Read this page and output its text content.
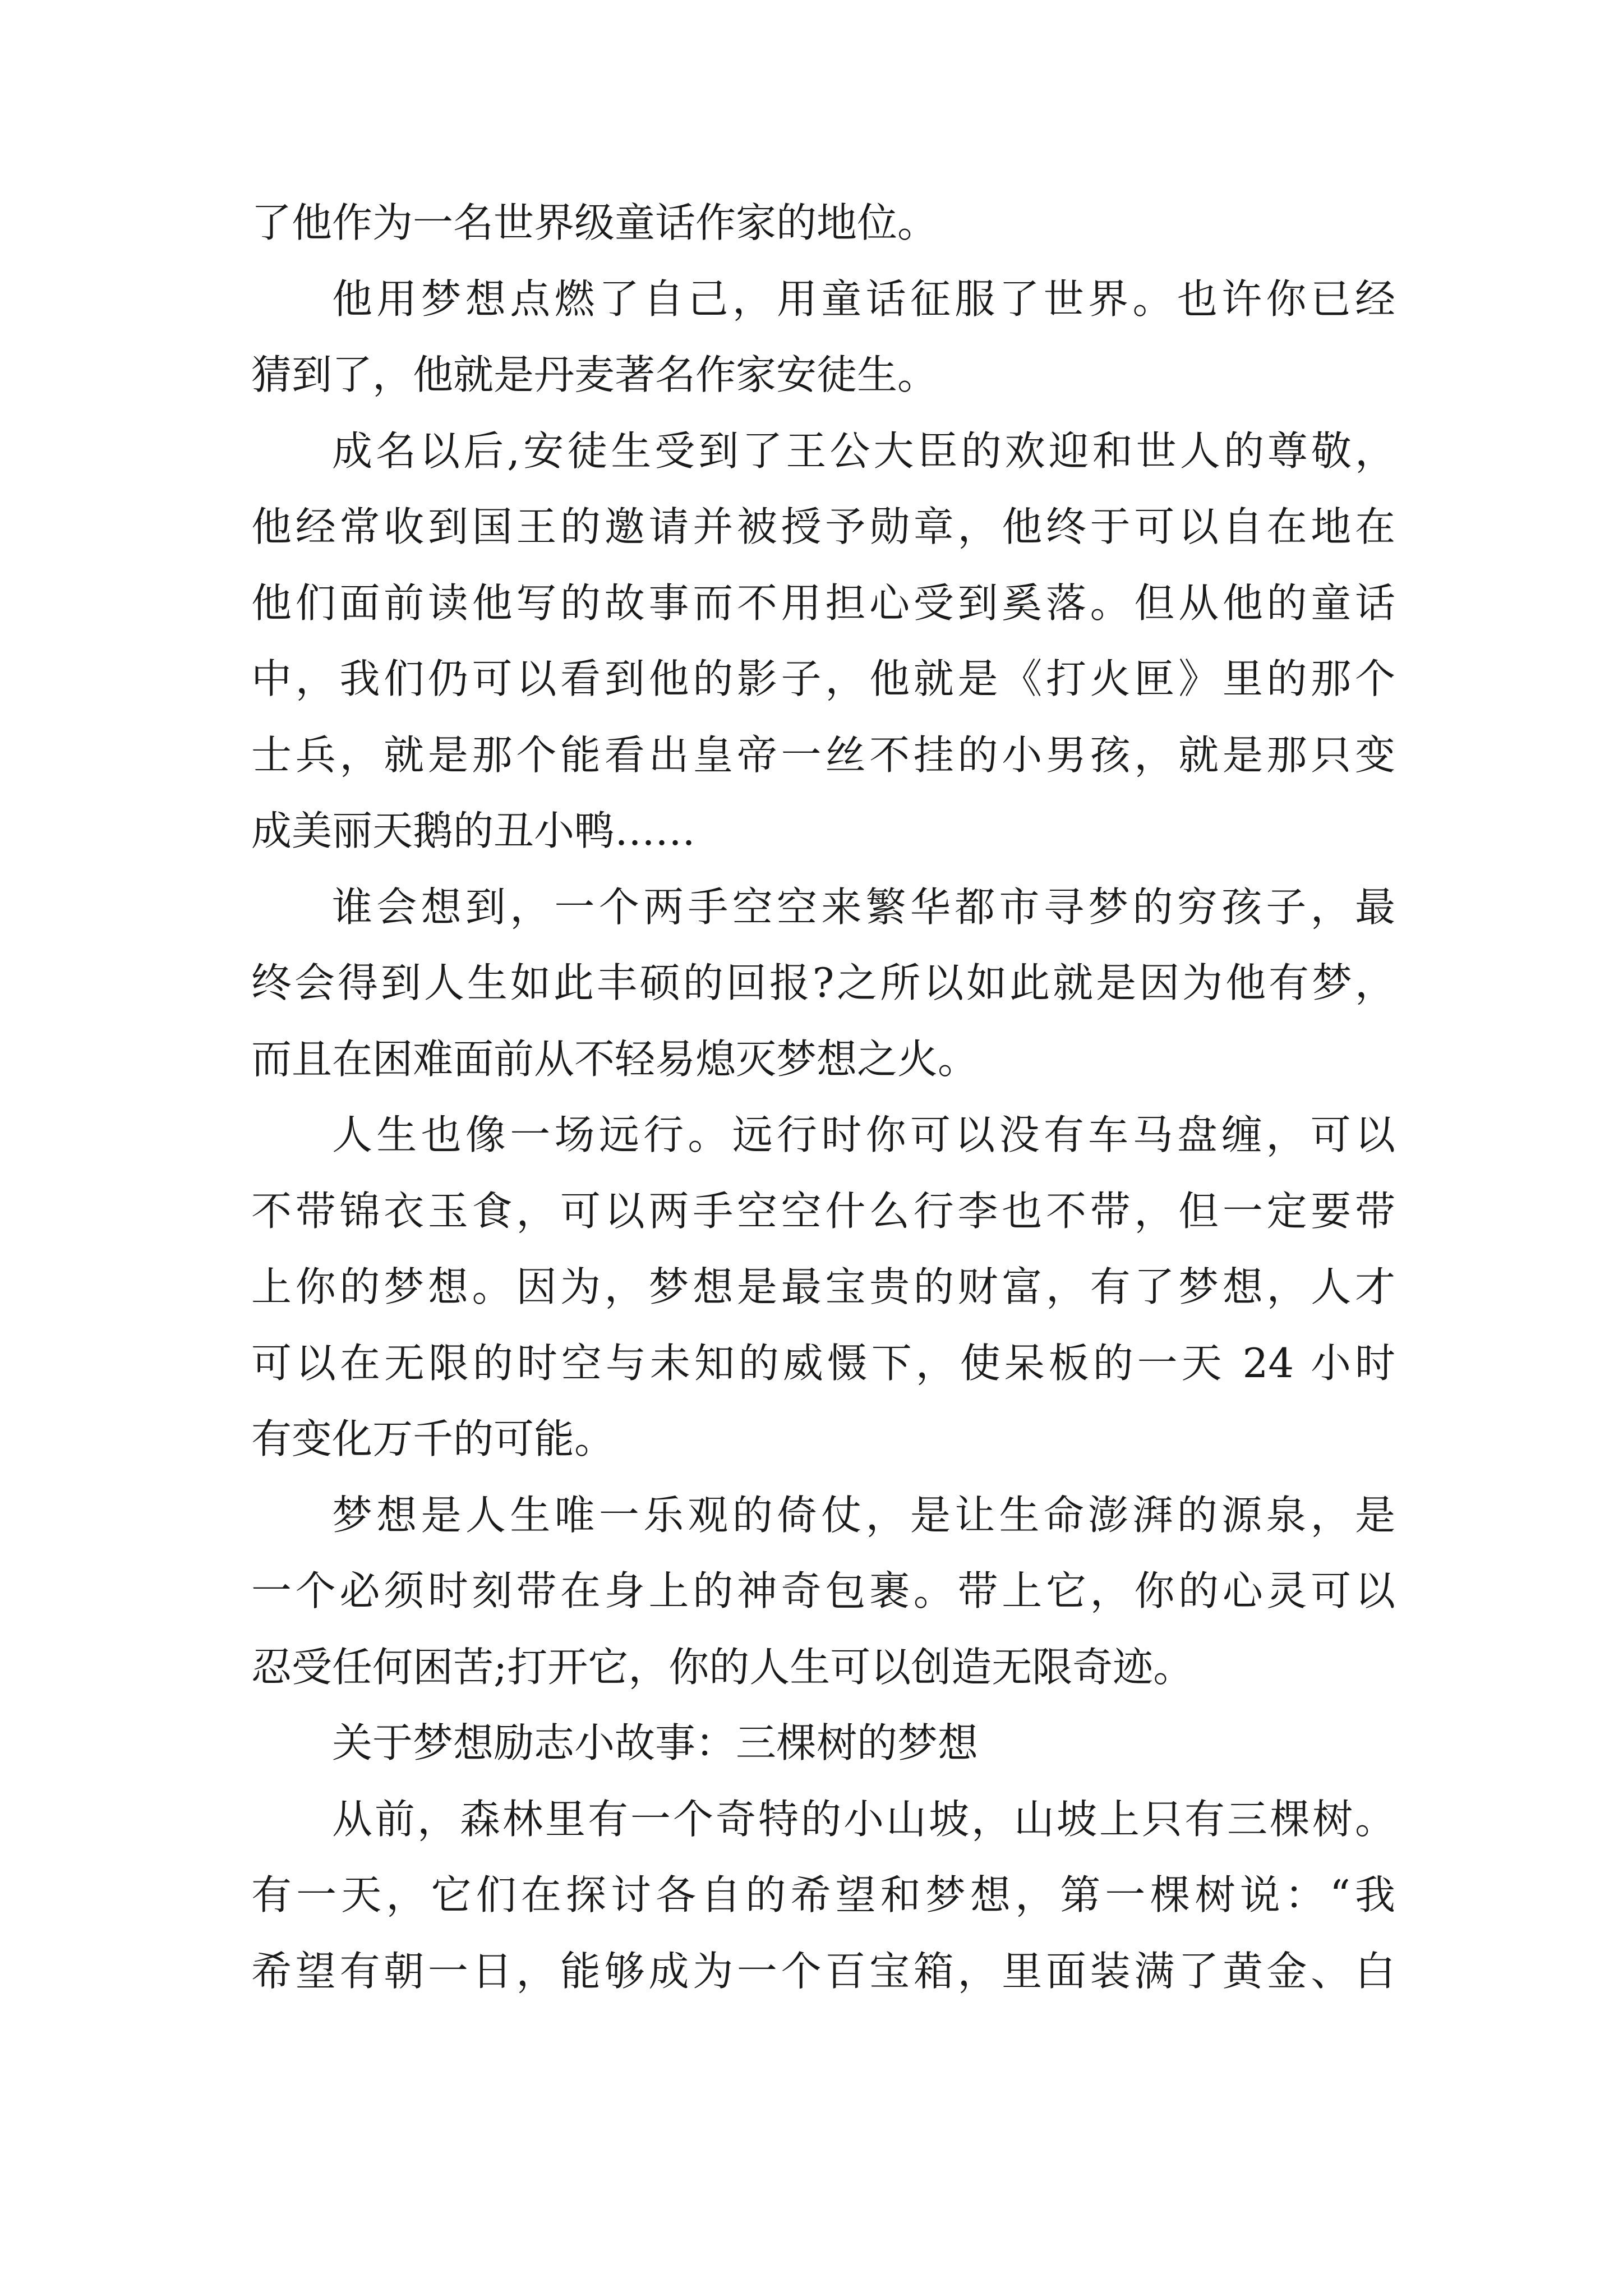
了他作为一名世界级童话作家的地位。
他用梦想点燃了自己，用童话征服了世界。也许你已经
猜到了，他就是丹麦著名作家安徒生。
成名以后,安徒生受到了王公大臣的欢迎和世人的尊敬，
他经常收到国王的邀请并被授予勋章，他终于可以自在地在
他们面前读他写的故事而不用担心受到奚落。但从他的童话
中，我们仍可以看到他的影子，他就是《打火匣》里的那个
士兵，就是那个能看出皇帝一丝不挂的小男孩，就是那只变
成美丽天鹅的丑小鸭……
谁会想到，一个两手空空来繁华都市寻梦的穷孩子，最
终会得到人生如此丰硕的回报?之所以如此就是因为他有梦，
而且在困难面前从不轻易熄灭梦想之火。
人生也像一场远行。远行时你可以没有车马盘缠，可以
不带锦衣玉食，可以两手空空什么行李也不带，但一定要带
上你的梦想。因为，梦想是最宝贵的财富，有了梦想，人才
可以在无限的时空与未知的威慑下，使呆板的一天 24 小时
有变化万千的可能。
梦想是人生唯一乐观的倚仗，是让生命澎湃的源泉，是
一个必须时刻带在身上的神奇包裹。带上它，你的心灵可以
忍受任何困苦;打开它，你的人生可以创造无限奇迹。
关于梦想励志小故事：三棵树的梦想
从前，森林里有一个奇特的小山坡，山坡上只有三棵树。
有一天，它们在探讨各自的希望和梦想，第一棵树说：“我
希望有朝一日，能够成为一个百宝箱，里面装满了黄金、白
